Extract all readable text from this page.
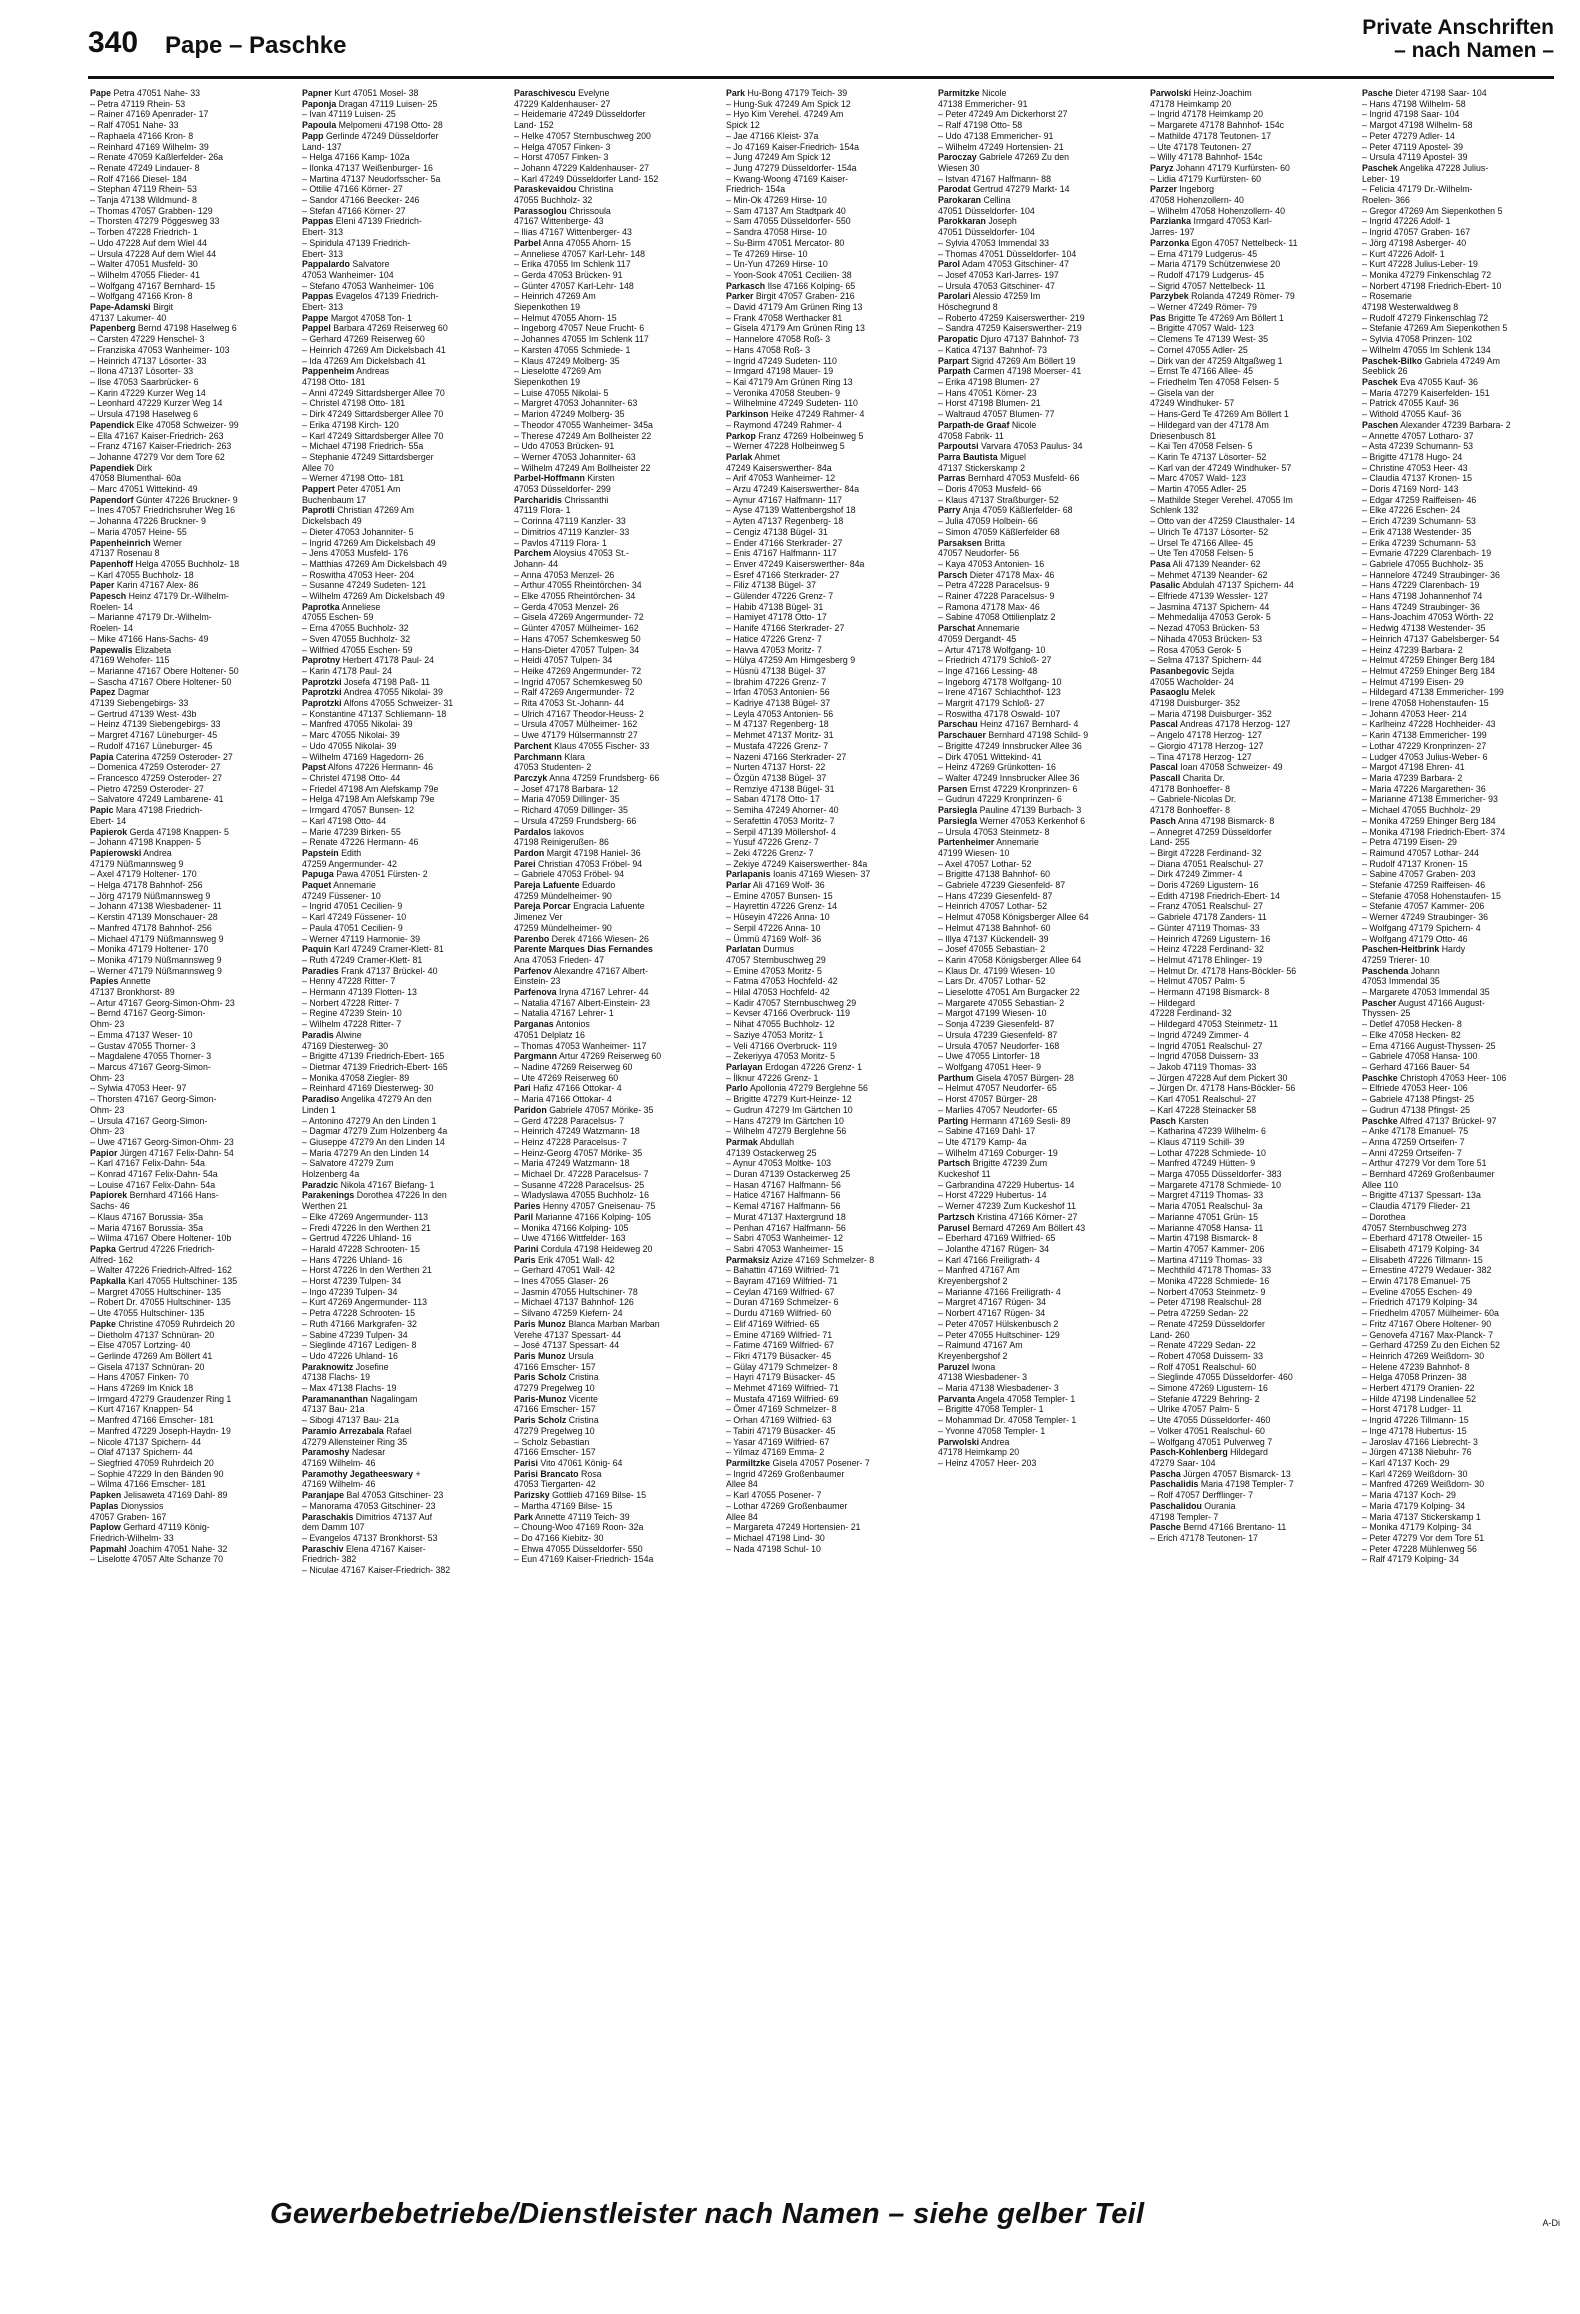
340 Pape – Paschke
Private Anschriften
– nach Namen –
Pape Petra 47051 Nahe- 33
– Petra 47119 Rhein- 53
– Rainer 47169 Apenrader- 17
– Ralf 47051 Nahe- 33
– Raphaela 47166 Kron- 8
– Reinhard 47169 Wilhelm- 39
– Renate 47059 Kaßlerfelder- 26a
– Renate 47249 Lindauer- 8
– Rolf 47166 Diesel- 184
– Stephan 47119 Rhein- 53
– Tanja 47138 Wildmund- 8
– Thomas 47057 Grabben- 129
– Thorsten 47279 Pöggesweg 33
– Torben 47228 Friedrich- 1
– Udo 47228 Auf dem Wiel 44
– Ursula 47228 Auf dem Wiel 44
– Walter 47051 Musfeld- 30
– Wilhelm 47055 Flieder- 41
– Wolfgang 47167 Bernhard- 15
– Wolfgang 47166 Kron- 8
Pape-Adamski Birgit
47137 Lakumer- 40
Papenberg Bernd 47198 Haselweg 6
– Carsten 47229 Henschel- 3
– Franziska 47053 Wanheimer- 103
– Heinrich 47137 Lösorter- 33
– Ilona 47137 Lösorter- 33
– Ilse 47053 Saarbrücker- 6
– Karin 47229 Kurzer Weg 14
– Leonhard 47229 Kurzer Weg 14
– Ursula 47198 Haselweg 6
Papendick Elke 47058 Schweizer- 99
– Ella 47167 Kaiser-Friedrich- 263
– Franz 47167 Kaiser-Friedrich- 263
– Johanne 47279 Vor dem Tore 62
Papendiek Dirk
47058 Blumenthal- 60a
– Marc 47051 Wittekind- 49
Papendorf Günter 47226 Bruckner- 9
– Ines 47057 Friedrichsruher Weg 16
– Johanna 47226 Bruckner- 9
– Maria 47057 Heine- 55
Papenheinrich Werner
47137 Rosenau 8
Papenhoff Helga 47055 Buchholz- 18
– Karl 47055 Buchholz- 18
Paper Karin 47167 Alex- 86
Papesch Heinz 47179 Dr.-Wilhelm-
Roelen- 14
– Marianne 47179 Dr.-Wilhelm-
Roelen- 14
– Mike 47166 Hans-Sachs- 49
Papewalis Elizabeta
47169 Wehofer- 115
– Marianne 47167 Obere Holtener- 50
– Sascha 47167 Obere Holtener- 50
Papez Dagmar
47139 Siebengebirgs- 33
– Gertrud 47139 West- 43b
– Heinz 47139 Siebengebirgs- 33
– Margret 47167 Lüneburger- 45
– Rudolf 47167 Lüneburger- 45
Papia Caterina 47259 Osteroder- 27
– Domenica 47259 Osteroder- 27
– Francesco 47259 Osteroder- 27
– Pietro 47259 Osteroder- 27
– Salvatore 47249 Lambarene- 41
Papic Mara 47198 Friedrich-
Ebert- 14
Papierok Gerda 47198 Knappen- 5
– Johann 47198 Knappen- 5
Papierowski Andrea
47179 Nüßmannsweg 9
– Axel 47179 Holtener- 170
– Helga 47178 Bahnhof- 256
– Jörg 47179 Nüßmannsweg 9
– Johann 47138 Wiesbadener- 11
– Kerstin 47139 Monschauer- 28
– Manfred 47178 Bahnhof- 256
– Michael 47179 Nüßmannsweg 9
– Monika 47179 Holtener- 170
– Monika 47179 Nüßmannsweg 9
– Werner 47179 Nüßmannsweg 9
Papies Annette
47137 Bronkhorst- 89
– Artur 47167 Georg-Simon-Ohm- 23
– Bernd 47167 Georg-Simon-
Ohm- 23
– Emma 47137 Weser- 10
– Gustav 47055 Thorner- 3
– Magdalene 47055 Thorner- 3
– Marcus 47167 Georg-Simon-
Ohm- 23
– Sylwia 47053 Heer- 97
– Thorsten 47167 Georg-Simon-
Ohm- 23
– Ursula 47167 Georg-Simon-
Ohm- 23
– Uwe 47167 Georg-Simon-Ohm- 23
Papior Jürgen 47167 Felix-Dahn- 54
– Karl 47167 Felix-Dahn- 54a
– Konrad 47167 Felix-Dahn- 54a
– Louise 47167 Felix-Dahn- 54a
Papiorek Bernhard 47166 Hans-
Sachs- 46
– Klaus 47167 Borussia- 35a
– Maria 47167 Borussia- 35a
– Wilma 47167 Obere Holtener- 10b
Papka Gertrud 47226 Friedrich-
Alfred- 162
– Walter 47226 Friedrich-Alfred- 162
Papkalla Karl 47055 Hultschiner- 135
– Margret 47055 Hultschiner- 135
– Robert Dr. 47055 Hultschiner- 135
– Ute 47055 Hultschiner- 135
Papke Christine 47059 Ruhrdeich 20
– Dietholm 47137 Schnüran- 20
– Else 47057 Lortzing- 40
– Gerlinde 47269 Am Böllert 41
– Gisela 47137 Schnüran- 20
– Hans 47057 Finken- 70
– Hans 47269 Im Knick 18
– Irmgard 47279 Graudenzer Ring 1
– Kurt 47167 Knappen- 54
– Manfred 47166 Emscher- 181
– Manfred 47229 Joseph-Haydn- 19
– Nicole 47137 Spichern- 44
– Olaf 47137 Spichern- 44
– Siegfried 47059 Ruhrdeich 20
– Sophie 47229 In den Bänden 90
– Wilma 47166 Emscher- 181
Papken Jelisaweta 47169 Dahl- 89
Paplas Dionyssios
47057 Graben- 167
Paplow Gerhard 47119 König-
Friedrich-Wilhelm- 33
Papmahl Joachim 47051 Nahe- 32
– Liselotte 47057 Alte Schanze 70
Papner Kurt 47051 Mosel- 38
Paponja Dragan 47119 Luisen- 25
– Ivan 47119 Luisen- 25
Papoula Melpomeni 47198 Otto- 28
Papp Gerlinde 47249 Düsseldorfer
Land- 137
– Helga 47166 Kamp- 102a
– Ilonka 47137 Weißenburger- 16
– Martina 47137 Neudorfsscher- 5a
– Ottilie 47166 Körner- 27
– Sandor 47166 Beecker- 246
– Stefan 47166 Körner- 27
Pappas Eleni 47139 Friedrich-
Ebert- 313
– Spiridula 47139 Friedrich-
Ebert- 313
Pappalardo Salvatore
47053 Wanheimer- 104
– Stefano 47053 Wanheimer- 106
Pappas Evagelos 47139 Friedrich-
Ebert- 313
Pappe Margot 47058 Ton- 1
Pappel Barbara 47269 Reiserweg 60
– Gerhard 47269 Reiserweg 60
– Heinrich 47269 Am Dickelsbach 41
– Ida 47269 Am Dickelsbach 41
Pappenheim Andreas
47198 Otto- 181
– Anni 47249 Sittardsberger Allee 70
– Christel 47198 Otto- 181
– Dirk 47249 Sittardsberger Allee 70
– Erika 47198 Kirch- 120
– Karl 47249 Sittardsberger Allee 70
– Michael 47198 Friedrich- 55a
– Stephanie 47249 Sittardsberger
Allee 70
– Werner 47198 Otto- 181
Pappert Peter 47051 Am
Buchenbaum 17
Paprotli Christian 47269 Am
Dickelsbach 49
– Dieter 47053 Johanniter- 5
– Ingrid 47269 Am Dickelsbach 49
– Jens 47053 Musfeld- 176
– Matthias 47269 Am Dickelsbach 49
– Roswitha 47053 Heer- 204
– Susanne 47249 Sudeten- 121
– Wilhelm 47269 Am Dickelsbach 49
Paprotka Anneliese
47055 Eschen- 59
– Erna 47055 Buchholz- 32
– Sven 47055 Buchholz- 32
– Wilfried 47055 Eschen- 59
Paprotny Herbert 47178 Paul- 24
– Karin 47178 Paul- 24
Paprotzki Josefa 47198 Paß- 11
Paprotzki Andrea 47055 Nikolai- 39
Paprotzki Alfons 47055 Schweizer- 31
– Konstantine 47137 Schliemann- 18
– Manfred 47055 Nikolai- 39
– Marc 47055 Nikolai- 39
– Udo 47055 Nikolai- 39
– Wilhelm 47169 Hagedorn- 26
Papst Alfons 47226 Hermann- 46
– Christel 47198 Otto- 44
– Friedel 47198 Am Alefskamp 79e
– Helga 47198 Am Alefskamp 79e
– Irmgard 47057 Bunsen- 12
– Karl 47198 Otto- 44
– Marie 47239 Birken- 55
– Renate 47226 Hermann- 46
Papstein Edith
47259 Angermunder- 42
Papuga Pawa 47051 Fürsten- 2
Paquet Annemarie
47249 Füssener- 10
– Ingrid 47051 Cecilien- 9
– Karl 47249 Füssener- 10
– Paula 47051 Cecilien- 9
– Werner 47119 Harmonie- 39
Paquin Karl 47249 Cramer-Klett- 81
– Ruth 47249 Cramer-Klett- 81
Paradies Frank 47137 Brückel- 40
– Henny 47228 Ritter- 7
– Hermann 47139 Flotten- 13
– Norbert 47228 Ritter- 7
– Regine 47239 Stein- 10
– Wilhelm 47228 Ritter- 7
Paradis Alwine
47169 Diesterweg- 30
– Brigitte 47139 Friedrich-Ebert- 165
– Dietmar 47139 Friedrich-Ebert- 165
– Monika 47058 Ziegler- 89
– Reinhard 47169 Diesterweg- 30
Paradiso Angelika 47279 An den
Linden 1
– Antonino 47279 An den Linden 1
– Dagmar 47279 Zum Holzenberg 4a
– Giuseppe 47279 An den Linden 14
– Maria 47279 An den Linden 14
– Salvatore 47279 Zum
Holzenberg 4a
Paradzic Nikola 47167 Biefang- 1
Parakenings Dorothea 47226 In den
Werthen 21
– Elke 47269 Angermunder- 113
– Fredi 47226 In den Werthen 21
– Gertrud 47226 Uhland- 16
– Harald 47228 Schrooten- 15
– Hans 47226 Uhland- 16
– Horst 47226 In den Werthen 21
– Horst 47239 Tulpen- 34
– Ingo 47239 Tulpen- 34
– Kurt 47269 Angermunder- 113
– Petra 47228 Schrooten- 15
– Ruth 47166 Markgrafen- 32
– Sabine 47239 Tulpen- 34
– Sieglinde 47167 Ledigen- 8
– Udo 47226 Uhland- 16
Paraknowitz Josefine
47138 Flachs- 19
– Max 47138 Flachs- 19
Paramananthan Nagalingam
47137 Bau- 21a
– Sibogi 47137 Bau- 21a
Paramio Arrezabala Rafael
47279 Allensteiner Ring 35
Paramoshy Nadesar
47169 Wilhelm- 46
Paramothy Jegatheeswary +
47169 Wilhelm- 46
Paranjape Bal 47053 Gitschiner- 23
– Manorama 47053 Gitschiner- 23
Paraschakis Dimitrios 47137 Auf
dem Damm 107
– Evangelos 47137 Bronkhorst- 53
Paraschiv Elena 47167 Kaiser-
Friedrich- 382
– Niculae 47167 Kaiser-Friedrich- 382
Paraschivescu Evelyne
47229 Kaldenhauser- 27
– Heidemarie 47249 Düsseldorfer
Land- 152
– Helke 47057 Sternbuschweg 200
– Helga 47057 Finken- 3
– Horst 47057 Finken- 3
– Johann 47229 Kaldenhauser- 27
– Karl 47249 Düsseldorfer Land- 152
Paraskevaidou Christina
47055 Buchholz- 32
Parassoglou Chrissoula
47167 Wittenberge- 43
– Ilias 47167 Wittenberger- 43
Parbel Anna 47055 Ahorn- 15
– Anneliese 47057 Karl-Lehr- 148
– Erika 47055 Im Schlenk 117
– Gerda 47053 Brücken- 91
– Günter 47057 Karl-Lehr- 148
– Heinrich 47269 Am
Siepenkothen 19
– Helmut 47055 Ahorn- 15
– Ingeborg 47057 Neue Frucht- 6
– Johannes 47055 Im Schlenk 117
– Karsten 47055 Schmiede- 1
– Klaus 47249 Molberg- 35
– Lieselotte 47269 Am
Siepenkothen 19
– Luise 47055 Nikolai- 5
– Margret 47053 Johanniter- 63
– Marion 47249 Molberg- 35
– Theodor 47055 Wanheimer- 345a
– Therese 47249 Am Bollheister 22
– Udo 47053 Brücken- 91
– Werner 47053 Johanniter- 63
– Wilhelm 47249 Am Bollheister 22
Parbel-Hoffmann Kirsten
47053 Düsseldorfer- 299
Parcharidis Chrissanthi
47119 Flora- 1
– Corinna 47119 Kanzler- 33
– Dimitrios 47119 Kanzler- 33
– Pavlos 47119 Flora- 1
Parchem Aloysius 47053 St.-
Johann- 44
– Anna 47053 Menzel- 26
– Arthur 47055 Rheintörchen- 34
– Elke 47055 Rheintörchen- 34
– Gerda 47053 Menzel- 26
– Gisela 47269 Angermunder- 72
– Günter 47057 Mülheimer- 162
– Hans 47057 Schemkesweg 50
– Hans-Dieter 47057 Tulpen- 34
– Heidi 47057 Tulpen- 34
– Heike 47269 Angermunder- 72
– Ingrid 47057 Schemkesweg 50
– Ralf 47269 Angermunder- 72
– Rita 47053 St.-Johann- 44
– Ulrich 47167 Theodor-Heuss- 2
– Ursula 47057 Mülheimer- 162
– Uwe 47179 Hülsermannstr 27
Parchent Klaus 47055 Fischer- 33
Parchmann Klara
47053 Studenten- 2
Parczyk Anna 47259 Frundsberg- 66
– Josef 47178 Barbara- 12
– Maria 47059 Dillinger- 35
– Richard 47059 Dillinger- 35
– Ursula 47259 Frundsberg- 66
Pardalos Iakovos
47198 Reinigerußen- 86
Pardon Margit 47198 Haniel- 36
Parei Christian 47053 Fröbel- 94
– Gabriele 47053 Fröbel- 94
Pareja Lafuente Eduardo
47259 Mündelheimer- 90
Pareja Porcar Engracia Lafuente
Jimenez Ver
47259 Mündelheimer- 90
Parenbo Derek 47166 Wiesen- 26
Parente Marques Dias Fernandes
Ana 47053 Frieden- 47
Parfenov Alexandre 47167 Albert-
Einstein- 23
Parfenova Iryna 47167 Lehrer- 44
– Natalia 47167 Albert-Einstein- 23
– Natalia 47167 Lehrer- 1
Parganas Antonios
47051 Delplatz 16
– Thomas 47053 Wanheimer- 117
Pargmann Artur 47269 Reiserweg 60
– Nadine 47269 Reiserweg 60
– Ute 47269 Reiserweg 60
Pari Hafiz 47166 Ottokar- 4
– Maria 47166 Ottokar- 4
Paridon Gabriele 47057 Mörike- 35
– Gerd 47228 Paracelsus- 7
– Heinrich 47249 Watzmann- 18
– Heinz 47228 Paracelsus- 7
– Heinz-Georg 47057 Mörike- 35
– Maria 47249 Watzmann- 18
– Michael Dr. 47228 Paracelsus- 7
– Susanne 47228 Paracelsus- 25
– Wladyslawa 47055 Buchholz- 16
Paries Henny 47057 Gneisenau- 75
Paril Marianne 47166 Kolping- 105
– Monika 47166 Kolping- 105
– Uwe 47166 Wittfelder- 163
Parini Cordula 47198 Heideweg 20
Paris Erik 47051 Wall- 42
– Gerhard 47051 Wall- 42
– Ines 47055 Glaser- 26
– Jasmin 47055 Hultschiner- 78
– Michael 47137 Bahnhof- 126
– Silvano 47259 Kiefern- 24
Paris Munoz Blanca Marban Marban
Verehe 47137 Spessart- 44
– José 47137 Spessart- 44
Paris Munoz Ursula
47166 Emscher- 157
Paris Scholz Cristina
47279 Pregelweg 10
Paris-Munoz Vicente
47166 Emscher- 157
Paris Scholz Cristina
47279 Pregelweg 10
– Scholz Sebastian
47166 Emscher- 157
Parisi Vito 47061 König- 64
Parisi Brancato Rosa
47053 Tiergarten- 42
Parizsky Gottlieb 47169 Bilse- 15
– Martha 47169 Bilse- 15
Park Annette 47119 Teich- 39
– Choung-Woo 47169 Roon- 32a
– Do 47166 Kiebitz- 30
– Ehwa 47055 Düsseldorfer- 550
– Eun 47169 Kaiser-Friedrich- 154a
Park Hu-Bong 47179 Teich- 39
– Hung-Suk 47249 Am Spick 12
– Hyo Kim Verehel. 47249 Am
Spick 12
– Jae 47166 Kleist- 37a
– Jo 47169 Kaiser-Friedrich- 154a
– Jung 47249 Am Spick 12
– Jung 47279 Düsseldorfer- 154a
– Kwang-Woong 47169 Kaiser-
Friedrich- 154a
– Min-Ok 47269 Hirse- 10
– Sam 47137 Am Stadtpark 40
– Sam 47055 Düsseldorfer- 550
– Sandra 47058 Hirse- 10
– Su-Birm 47051 Mercator- 80
– Te 47269 Hirse- 10
– Un-Yun 47269 Hirse- 10
– Yoon-Sook 47051 Cecilien- 38
Parkasch Ilse 47166 Kolping- 65
Parker Birgit 47057 Graben- 216
– David 47179 Am Grünen Ring 13
– Frank 47058 Werthacker 81
– Gisela 47179 Am Grünen Ring 13
– Hannelore 47058 Roß- 3
– Hans 47058 Roß- 3
– Ingrid 47249 Sudeten- 110
– Irmgard 47198 Mauer- 19
– Kai 47179 Am Grünen Ring 13
– Veronika 47058 Steuben- 9
– Wilhelmine 47249 Sudeten- 110
Parkinson Heike 47249 Rahmer- 4
– Raymond 47249 Rahmer- 4
Parkop Franz 47269 Holbeinweg 5
– Werner 47228 Holbeinweg 5
Parlak Ahmet
47249 Kaiserswerther- 84a
– Arif 47053 Wanheimer- 12
– Arzu 47249 Kaiserswerther- 84a
– Aynur 47167 Halfmann- 117
– Ayse 47139 Wattenbergshof 18
– Ayten 47137 Regenberg- 18
– Cengiz 47138 Bügel- 31
– Ender 47166 Sterkrader- 27
– Enis 47167 Halfmann- 117
– Enver 47249 Kaiserswerther- 84a
– Esref 47166 Sterkrader- 27
– Filiz 47138 Bügel- 37
– Gülender 47226 Grenz- 7
– Habib 47138 Bügel- 31
– Hamiyet 47178 Otto- 17
– Hanife 47166 Sterkrader- 27
– Hatice 47226 Grenz- 7
– Havva 47053 Moritz- 7
– Hülya 47259 Am Himgesberg 9
– Hüsnü 47138 Bügel- 37
– Ibrahim 47226 Grenz- 7
– Irfan 47053 Antonien- 56
– Kadriye 47138 Bügel- 37
– Leyla 47053 Antonien- 56
– M 47137 Regenberg- 18
– Mehmet 47137 Moritz- 31
– Mustafa 47226 Grenz- 7
– Nazeni 47166 Sterkrader- 27
– Nurten 47137 Horst- 22
– Özgün 47138 Bügel- 37
– Remziye 47138 Bügel- 31
– Saban 47178 Otto- 17
– Semiha 47249 Ahorner- 40
– Serafettin 47053 Moritz- 7
– Serpil 47139 Möllershof- 4
– Yusuf 47226 Grenz- 7
– Zeki 47226 Grenz- 7
– Zekiye 47249 Kaiserswerther- 84a
Parlapanis Ioanis 47169 Wiesen- 37
Parlar Ali 47169 Wolf- 36
– Emine 47057 Bunsen- 15
– Hayrettin 47226 Grenz- 14
– Hüseyin 47226 Anna- 10
– Serpil 47226 Anna- 10
– Ümmü 47169 Wolf- 36
Parlatan Durmus
47057 Sternbuschweg 29
– Emine 47053 Moritz- 5
– Fatma 47053 Hochfeld- 42
– Hilal 47053 Hochfeld- 42
– Kadir 47057 Sternbuschweg 29
– Kevser 47166 Overbruck- 119
– Nihat 47055 Buchholz- 12
– Saziye 47053 Moritz- 1
– Veli 47166 Overbruck- 119
– Zekeriyya 47053 Moritz- 5
Parlayan Erdogan 47226 Grenz- 1
– İlknur 47226 Grenz- 1
Parlo Apollonia 47279 Berglehne 56
– Brigitte 47279 Kurt-Heinze- 12
– Gudrun 47279 Im Gärtchen 10
– Hans 47279 Im Gärtchen 10
– Wilhelm 47279 Berglehne 56
Parmak Abdullah
47139 Ostackerweg 25
– Aynur 47053 Moltke- 103
– Duran 47139 Ostackerweg 25
– Hasan 47167 Halfmann- 56
– Hatice 47167 Halfmann- 56
– Kemal 47167 Halfmann- 56
– Murat 47137 Haxtergrund 18
– Penhan 47167 Halfmann- 56
– Sabri 47053 Wanheimer- 12
– Sabri 47053 Wanheimer- 15
Parmaksiz Azize 47169 Schmelzer- 8
– Bahattin 47169 Wilfried- 71
– Bayram 47169 Wilfried- 71
– Ceylan 47169 Wilfried- 67
– Duran 47169 Schmelzer- 6
– Durdu 47169 Wilfried- 60
– Elif 47169 Wilfried- 65
– Emine 47169 Wilfried- 71
– Fatime 47169 Wilfried- 67
– Fikri 47179 Büsacker- 45
– Gülay 47179 Schmelzer- 8
– Hayri 47179 Büsacker- 45
– Mehmet 47169 Wilfried- 71
– Mustafa 47169 Wilfried- 69
– Ömer 47169 Schmelzer- 8
– Orhan 47169 Wilfried- 63
– Tabiri 47179 Büsacker- 45
– Yasar 47169 Wilfried- 67
– Yilmaz 47169 Emma- 2
Parmiltzke Gisela 47057 Posener- 7
– Ingrid 47269 Großenbaumer
Allee 84
– Karl 47055 Posener- 7
– Lothar 47269 Großenbaumer
Allee 84
– Margareta 47249 Hortensien- 21
– Michael 47198 Lind- 30
– Nada 47198 Schul- 10
Parmitzke Nicole
47138 Emmericher- 91
– Peter 47249 Am Dickerhorst 27
– Ralf 47198 Otto- 58
– Udo 47138 Emmericher- 91
– Wilhelm 47249 Hortensien- 21
Paroczay Gabriele 47269 Zu den
Wiesen 30
– Istvan 47167 Halfmann- 88
Parodat Gertrud 47279 Markt- 14
Parokaran Cellina
47051 Düsseldorfer- 104
Parokkaran Joseph
47051 Düsseldorfer- 104
– Sylvia 47053 Immendal 33
– Thomas 47051 Düsseldorfer- 104
Parol Adam 47053 Gitschiner- 47
– Josef 47053 Karl-Jarres- 197
– Ursula 47053 Gitschiner- 47
Parolari Alessio 47259 Im
Höschegrund 8
– Roberto 47259 Kaiserswerther- 219
– Sandra 47259 Kaiserswerther- 219
Paropatic Djuro 47137 Bahnhof- 73
– Katica 47137 Bahnhof- 73
Parpart Sigrid 47269 Am Böllert 19
Parpath Carmen 47198 Moerser- 41
– Erika 47198 Blumen- 27
– Hans 47051 Körner- 23
– Horst 47198 Blumen- 21
– Waltraud 47057 Blumen- 77
Parpath-de Graaf Nicole
47058 Fabrik- 11
Parpoutsi Varvara 47053 Paulus- 34
Parra Bautista Miguel
47137 Stickerskamp 2
Parras Bernhard 47053 Musfeld- 66
– Doris 47053 Musfeld- 66
– Klaus 47137 Straßburger- 52
Parry Anja 47059 Käßlerfelder- 68
– Julia 47059 Holbein- 66
– Simon 47059 Käßlerfelder 68
Parsaksen Britta
47057 Neudorfer- 56
– Kaya 47053 Antonien- 16
Parsch Dieter 47178 Max- 46
– Petra 47228 Paracelsus- 9
– Rainer 47228 Paracelsus- 9
– Ramona 47178 Max- 46
– Sabine 47058 Ottilienplatz 2
Parschat Annemarie
47059 Dergandt- 45
– Artur 47178 Wolfgang- 10
– Friedrich 47179 Schloß- 27
– Inge 47166 Lessing- 48
– Ingeborg 47178 Wolfgang- 10
– Irene 47167 Schlachthof- 123
– Margrit 47179 Schloß- 27
– Roswitha 47178 Oswald- 107
Parschau Heinz 47167 Bernhard- 4
Parschauer Bernhard 47198 Schild- 9
– Brigitte 47249 Innsbrucker Allee 36
– Dirk 47051 Wittekind- 41
– Heinz 47269 Grünkotten- 16
– Walter 47249 Innsbrucker Allee 36
Parsen Ernst 47229 Kronprinzen- 6
– Gudrun 47229 Kronprinzen- 6
Parsiegla Pauline 47139 Burbach- 3
Parsiegla Werner 47053 Kerkenhof 6
– Ursula 47053 Steinmetz- 8
Partenheimer Annemarie
47199 Wiesen- 10
– Axel 47057 Lothar- 52
– Brigitte 47138 Bahnhof- 60
– Gabriele 47239 Giesenfeld- 87
– Hans 47239 Giesenfeld- 87
– Heinrich 47057 Lothar- 52
– Helmut 47058 Königsberger Allee 64
– Helmut 47138 Bahnhof- 60
– Illya 47137 Kückendell- 39
– Josef 47055 Sebastian- 2
– Karin 47058 Königsberger Allee 64
– Klaus Dr. 47199 Wiesen- 10
– Lars Dr. 47057 Lothar- 52
– Lieselotte 47051 Am Burgacker 22
– Margarete 47055 Sebastian- 2
– Margot 47199 Wiesen- 10
– Sonja 47239 Giesenfeld- 87
– Ursula 47239 Giesenfeld- 87
– Ursula 47057 Neudorfer- 168
– Uwe 47055 Lintorfer- 18
– Wolfgang 47051 Heer- 9
Parthum Gisela 47057 Bürgen- 28
– Helmut 47057 Neudorfer- 65
– Horst 47057 Bürger- 28
– Marlies 47057 Neudorfer- 65
Parting Hermann 47169 Sesli- 89
– Sabine 47169 Dahl- 17
– Ute 47179 Kamp- 4a
– Wilhelm 47169 Coburger- 19
Partsch Brigitte 47239 Zum
Kuckeshof 11
– Garbrandina 47229 Hubertus- 14
– Horst 47229 Hubertus- 14
– Werner 47239 Zum Kuckeshof 11
Partzsch Kristina 47166 Körner- 27
Parusel Bernard 47269 Am Böllert 43
– Eberhard 47169 Wilfried- 65
– Jolanthe 47167 Rügen- 34
– Karl 47166 Freiligrath- 4
– Manfred 47167 Am
Kreyenbergshof 2
– Marianne 47166 Freiligrath- 4
– Margret 47167 Rügen- 34
– Norbert 47167 Rügen- 34
– Peter 47057 Hülskenbusch 2
– Peter 47055 Hultschiner- 129
– Raimund 47167 Am
Kreyenbergshof 2
Paruzel Iwona
47138 Wiesbadener- 3
– Maria 47138 Wiesbadener- 3
Parvanta Angela 47058 Templer- 1
– Brigitte 47058 Templer- 1
– Mohammad Dr. 47058 Templer- 1
– Yvonne 47058 Templer- 1
Parwolski Andrea
47178 Heimkamp 20
– Heinz 47057 Heer- 203
Parwolski Heinz-Joachim
47178 Heimkamp 20
– Ingrid 47178 Heimkamp 20
– Margarete 47178 Bahnhof- 154c
– Mathilde 47178 Teutonen- 17
– Ute 47178 Teutonen- 27
– Willy 47178 Bahnhof- 154c
Paryz Johann 47179 Kurfürsten- 60
– Lidia 47179 Kurfürsten- 60
Parzer Ingeborg
47058 Hohenzollern- 40
– Wilhelm 47058 Hohenzollern- 40
Parzianka Irmgard 47053 Karl-
Jarres- 197
Parzonka Egon 47057 Nettelbeck- 11
– Erna 47179 Ludgerus- 45
– Maria 47179 Schützenwiese 20
– Rudolf 47179 Ludgerus- 45
– Sigrid 47057 Nettelbeck- 11
Parzybek Rolanda 47249 Römer- 79
– Werner 47249 Römer- 79
Pas Brigitte Te 47269 Am Böllert 1
– Brigitte 47057 Wald- 123
– Clemens Te 47139 West- 35
– Cornel 47055 Adler- 25
– Dirk van der 47259 Altgaßweg 1
– Ernst Te 47166 Allee- 45
– Friedhelm Ten 47058 Felsen- 5
– Gisela van der
47249 Windhuker- 57
– Hans-Gerd Te 47269 Am Böllert 1
– Hildegard van der 47178 Am
Driesenbusch 81
– Kai Ten 47058 Felsen- 5
– Karin Te 47137 Lösorter- 52
– Karl van der 47249 Windhuker- 57
– Marc 47057 Wald- 123
– Martin 47055 Adler- 25
– Mathilde Steger Verehel. 47055 Im
Schlenk 132
– Otto van der 47259 Clausthaler- 14
– Ulrich Te 47137 Lösorter- 52
– Ursel Te 47166 Allee- 45
– Ute Ten 47058 Felsen- 5
Pasa Ali 47139 Neander- 62
– Mehmet 47139 Neander- 62
Pasalic Abdulah 47137 Spichern- 44
– Elfriede 47139 Wessler- 127
– Jasmina 47137 Spichern- 44
– Mehmedalija 47053 Gerok- 5
– Nezad 47053 Brücken- 53
– Nihada 47053 Brücken- 53
– Rosa 47053 Gerok- 5
– Selma 47137 Spichern- 44
Pasanbegovic Sejda
47055 Wacholder- 24
Pasaoglu Melek
47198 Duisburger- 352
– Maria 47198 Duisburger- 352
Pascal Andreas 47178 Herzog- 127
– Angelo 47178 Herzog- 127
– Giorgio 47178 Herzog- 127
– Tina 47178 Herzog- 127
Pascal Ioan 47058 Schweizer- 49
Pascall Charita Dr.
47178 Bonhoeffer- 8
– Gabriele-Nicolas Dr.
47178 Bonhoeffer- 8
Pasch Anna 47198 Bismarck- 8
– Annegret 47259 Düsseldorfer
Land- 255
– Birgit 47228 Ferdinand- 32
– Diana 47051 Realschul- 27
– Dirk 47249 Zimmer- 4
– Doris 47269 Ligustern- 16
– Edith 47198 Friedrich-Ebert- 14
– Franz 47051 Realschul- 27
– Gabriele 47178 Zanders- 11
– Günter 47119 Thomas- 33
– Heinrich 47269 Ligustern- 16
– Heinz 47228 Ferdinand- 32
– Helmut 47178 Ehlinger- 19
– Helmut Dr. 47178 Hans-Böckler- 56
– Helmut 47057 Palm- 5
– Hermann 47198 Bismarck- 8
– Hildegard
47228 Ferdinand- 32
– Hildegard 47053 Steinmetz- 11
– Ingrid 47249 Zimmer- 4
– Ingrid 47051 Realschul- 27
– Ingrid 47058 Duissern- 33
– Jakob 47119 Thomas- 33
– Jürgen 47228 Auf dem Pickert 30
– Jürgen Dr. 47178 Hans-Böckler- 56
– Karl 47051 Realschul- 27
– Karl 47228 Steinacker 58
Pasch Karsten
– Katharina 47239 Wilhelm- 6
– Klaus 47119 Schill- 39
– Lothar 47228 Schmiede- 10
– Manfred 47249 Hütten- 9
– Marga 47055 Düsseldorfer- 383
– Margarete 47178 Schmiede- 10
– Margret 47119 Thomas- 33
– Maria 47051 Realschul- 3a
– Marianne 47051 Grün- 15
– Marianne 47058 Hansa- 11
– Martin 47198 Bismarck- 8
– Martin 47057 Kammer- 206
– Martina 47119 Thomas- 33
– Mechthild 47178 Thomas- 33
– Monika 47228 Schmiede- 16
– Norbert 47053 Steinmetz- 9
– Peter 47198 Realschul- 28
– Petra 47259 Sedan- 22
– Renate 47259 Düsseldorfer
Land- 260
– Renate 47229 Sedan- 22
– Robert 47058 Duissern- 33
– Rolf 47051 Realschul- 60
– Sieglinde 47055 Düsseldorfer- 460
– Simone 47269 Ligustern- 16
– Stefanie 47229 Behring- 2
– Ulrike 47057 Palm- 5
– Ute 47055 Düsseldorfer- 460
– Volker 47051 Realschul- 60
– Wolfgang 47051 Pulverweg 7
Pasch-Kohlenberg Hildegard
47279 Saar- 104
Pascha Jürgen 47057 Bismarck- 13
Paschalidis Maria 47198 Templer- 7
– Rolf 47057 Derfflinger- 7
Paschalidou Ourania
47198 Templer- 7
Pasche Bernd 47166 Brentano- 11
– Erich 47178 Teutonen- 17
Pasche Dieter 47198 Saar- 104
– Hans 47198 Wilhelm- 58
– Ingrid 47198 Saar- 104
– Margot 47198 Wilhelm- 58
– Peter 47279 Adler- 14
– Peter 47119 Apostel- 39
– Ursula 47119 Apostel- 39
Paschek Angelika 47228 Julius-
Leber- 19
– Felicia 47179 Dr.-Wilhelm-
Roelen- 366
– Gregor 47269 Am Siepenkothen 5
– Ingrid 47226 Adolf- 1
– Ingrid 47057 Graben- 167
– Jörg 47198 Asberger- 40
– Kurt 47226 Adolf- 1
– Kurt 47228 Julius-Leber- 19
– Monika 47279 Finkenschlag 72
– Norbert 47198 Friedrich-Ebert- 10
– Rosemarie
47198 Westerwaldweg 8
– Rudolf 47279 Finkenschlag 72
– Stefanie 47269 Am Siepenkothen 5
– Sylvia 47058 Prinzen- 102
– Wilhelm 47055 Im Schlenk 134
Paschek-Bilko Gabriela 47249 Am
Seeblick 26
Paschek Eva 47055 Kauf- 36
– Maria 47279 Kaiserfelden- 151
– Patrick 47055 Kauf- 36
– Withold 47055 Kauf- 36
Paschen Alexander 47239 Barbara- 2
– Annette 47057 Lotharo- 37
– Asta 47239 Schumann- 53
– Brigitte 47178 Hugo- 24
– Christine 47053 Heer- 43
– Claudia 47137 Kronen- 15
– Doris 47169 Nord- 143
– Edgar 47259 Raiffeisen- 46
– Elke 47226 Eschen- 24
– Erich 47239 Schumann- 53
– Erik 47138 Westender- 35
– Erika 47239 Schumann- 53
– Evmarie 47229 Clarenbach- 19
– Gabriele 47055 Buchholz- 35
– Hannelore 47249 Straubinger- 36
– Hans 47229 Clarenbach- 19
– Hans 47198 Johannenhof 74
– Hans 47249 Straubinger- 36
– Hans-Joachim 47053 Wörth- 22
– Hedwig 47138 Westender- 35
– Heinrich 47137 Gabelsberger- 54
– Heinz 47239 Barbara- 2
– Helmut 47259 Ehinger Berg 184
– Helmut 47259 Ehinger Berg 184
– Helmut 47199 Eisen- 29
– Hildegard 47138 Emmericher- 199
– Irene 47058 Hohenstaufen- 15
– Johann 47053 Heer- 214
– Karlheinz 47228 Hochheider- 43
– Karin 47138 Emmericher- 199
– Lothar 47229 Kronprinzen- 27
– Ludger 47053 Julius-Weber- 6
– Margot 47198 Ehren- 41
– Maria 47239 Barbara- 2
– Maria 47226 Margarethen- 36
– Marianne 47138 Emmericher- 93
– Michael 47055 Buchholz- 29
– Monika 47259 Ehinger Berg 184
– Monika 47198 Friedrich-Ebert- 374
– Petra 47199 Eisen- 29
– Raimund 47057 Lothar- 244
– Rudolf 47137 Kronen- 15
– Sabine 47057 Graben- 203
– Stefanie 47259 Raiffeisen- 46
– Stefanie 47058 Hohenstaufen- 15
– Stefanie 47057 Kammer- 206
– Werner 47249 Straubinger- 36
– Wolfgang 47179 Spichern- 4
– Wolfgang 47179 Otto- 46
Paschen-Heitbrink Hardy
47259 Trierer- 10
Paschenda Johann
47053 Immendal 35
– Margarete 47053 Immendal 35
Pascher August 47166 August-
Thyssen- 25
– Detlef 47058 Hecken- 8
– Elke 47058 Hecken- 82
– Erna 47166 August-Thyssen- 25
– Gabriele 47058 Hansa- 100
– Gerhard 47166 Bauer- 54
Paschke Christoph 47053 Heer- 106
– Elfriede 47053 Heer- 106
– Gabriele 47138 Pfingst- 25
– Gudrun 47138 Pfingst- 25
Paschke Alfred 47137 Brückel- 97
– Anke 47178 Emanuel- 75
– Anna 47259 Ortseifen- 7
– Anni 47259 Ortseifen- 7
– Arthur 47279 Vor dem Tore 51
– Bernhard 47269 Großenbaumer
Allee 110
– Brigitte 47137 Spessart- 13a
– Claudia 47179 Flieder- 21
– Dorothea
47057 Sternbuschweg 273
– Eberhard 47178 Otweiler- 15
– Elisabeth 47179 Kolping- 34
– Elisabeth 47226 Tillmann- 15
– Ernestine 47279 Wedauer- 382
– Erwin 47178 Emanuel- 75
– Eveline 47055 Eschen- 49
– Friedrich 47179 Kolping- 34
– Friedhelm 47057 Mülheimer- 60a
– Fritz 47167 Obere Holtener- 90
– Genovefa 47167 Max-Planck- 7
– Gerhard 47259 Zu den Eichen 52
– Heinrich 47269 Weißdorn- 30
– Helene 47239 Bahnhof- 8
– Helga 47058 Prinzen- 38
– Herbert 47179 Oranien- 22
– Hilde 47198 Lindenallee 52
– Horst 47178 Ludger- 11
– Ingrid 47226 Tillmann- 15
– Inge 47178 Hubertus- 15
– Jaroslav 47166 Liebrecht- 3
– Jürgen 47138 Niebuhr- 76
– Karl 47137 Koch- 29
– Karl 47269 Weißdorn- 30
– Manfred 47269 Weißdorn- 30
– Maria 47137 Koch- 29
– Maria 47179 Kolping- 34
– Maria 47137 Stickerskamp 1
– Monika 47179 Kolping- 34
– Peter 47279 Vor dem Tore 51
– Peter 47228 Mühlenweg 56
– Ralf 47179 Kolping- 34
Gewerbebetriebe/Dienstleister nach Namen – siehe gelber Teil	A-Di
